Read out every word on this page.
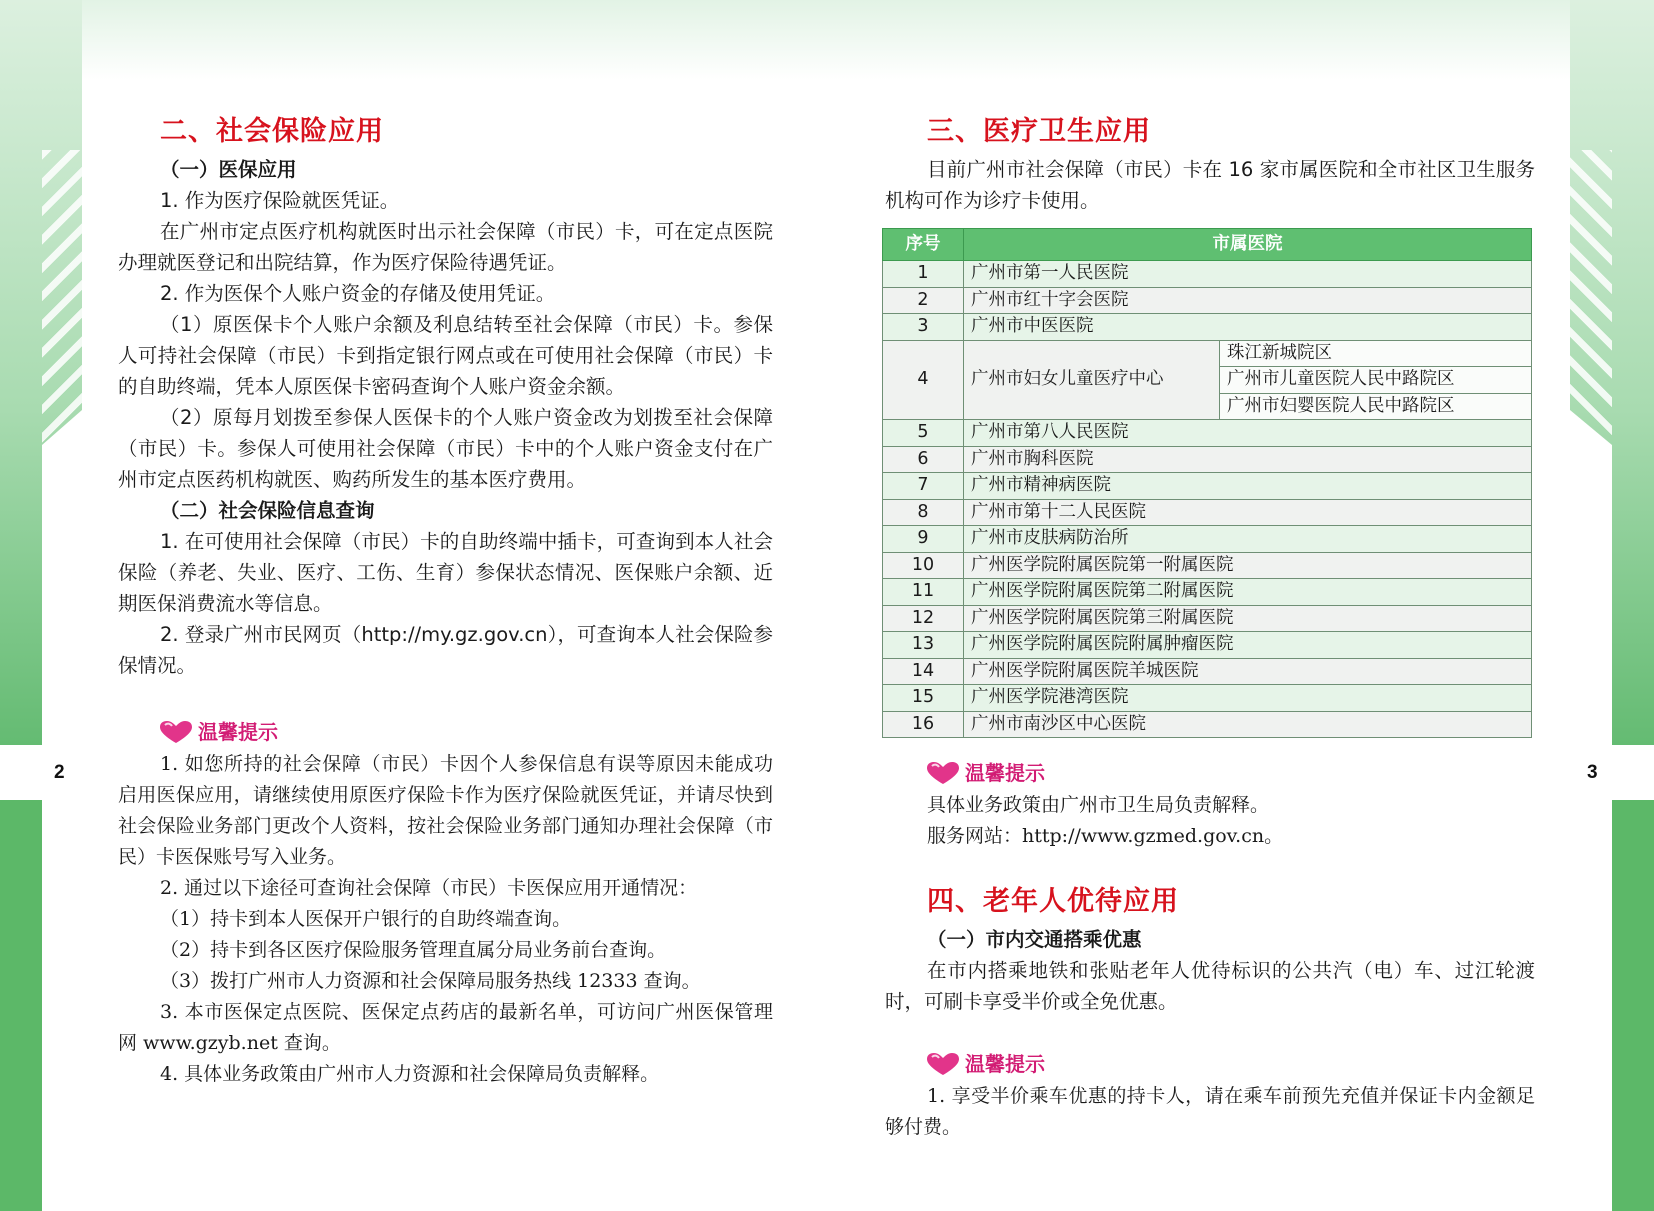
2	3
二、社会保险应用
（一）医保应用

1. 作为医疗保险就医凭证。

在广州市定点医疗机构就医时出示社会保障（市民）卡，可在定点医院办理就医登记和出院结算，作为医疗保险待遇凭证。

2. 作为医保个人账户资金的存储及使用凭证。

（1）原医保卡个人账户余额及利息结转至社会保障（市民）卡。参保人可持社会保障（市民）卡到指定银行网点或在可使用社会保障（市民）卡的自助终端，凭本人原医保卡密码查询个人账户资金余额。

（2）原每月划拨至参保人医保卡的个人账户资金改为划拨至社会保障（市民）卡。参保人可使用社会保障（市民）卡中的个人账户资金支付在广州市定点医药机构就医、购药所发生的基本医疗费用。

（二）社会保险信息查询

1. 在可使用社会保障（市民）卡的自助终端中插卡，可查询到本人社会保险（养老、失业、医疗、工伤、生育）参保状态情况、医保账户余额、近期医保消费流水等信息。

2. 登录广州市民网页（http://my.gz.gov.cn），可查询本人社会保险参保情况。

温馨提示

1. 如您所持的社会保障（市民）卡因个人参保信息有误等原因未能成功启用医保应用，请继续使用原医疗保险卡作为医疗保险就医凭证，并请尽快到社会保险业务部门更改个人资料，按社会保险业务部门通知办理社会保障（市民）卡医保账号写入业务。

2. 通过以下途径可查询社会保障（市民）卡医保应用开通情况：

（1）持卡到本人医保开户银行的自助终端查询。

（2）持卡到各区医疗保险服务管理直属分局业务前台查询。

（3）拨打广州市人力资源和社会保障局服务热线 12333 查询。

3. 本市医保定点医院、医保定点药店的最新名单，可访问广州医保管理网 www.gzyb.net 查询。

4. 具体业务政策由广州市人力资源和社会保障局负责解释。

三、医疗卫生应用

目前广州市社会保障（市民）卡在 16 家市属医院和全市社区卫生服务机构可作为诊疗卡使用。

序号	市属医院	
1	广州市第一人民医院	
2	广州市红十字会医院	
3	广州市中医医院	
4	广州市妇女儿童医疗中心	珠江新城院区
		广州市儿童医院人民中路院区
		广州市妇婴医院人民中路院区
5	广州市第八人民医院	
6	广州市胸科医院	
7	广州市精神病医院	
8	广州市第十二人民医院	
9	广州市皮肤病防治所	
10	广州医学院附属医院第一附属医院	
11	广州医学院附属医院第二附属医院	
12	广州医学院附属医院第三附属医院	
13	广州医学院附属医院附属肿瘤医院	
14	广州医学院附属医院羊城医院	
15	广州医学院港湾医院	
16	广州市南沙区中心医院	
温馨提示

具体业务政策由广州市卫生局负责解释。

服务网站：http://www.gzmed.gov.cn。

四、老年人优待应用
（一）市内交通搭乘优惠

在市内搭乘地铁和张贴老年人优待标识的公共汽（电）车、过江轮渡时，可刷卡享受半价或全免优惠。

温馨提示

1. 享受半价乘车优惠的持卡人，请在乘车前预先充值并保证卡内金额足够付费。
